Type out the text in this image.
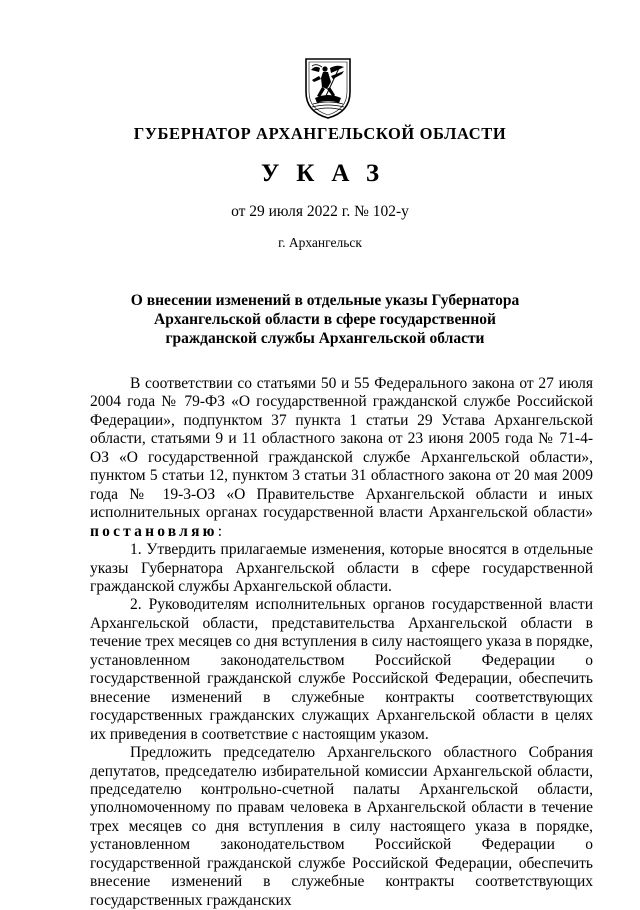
ГУБЕРНАТОР АРХАНГЕЛЬСКОЙ ОБЛАСТИ
УКАЗ
от 29 июля 2022 г. № 102-у
г. Архангельск
О внесении изменений в отдельные указы Губернатора
Архангельской области в сфере государственной
гражданской службы Архангельской области

В соответствии со статьями 50 и 55 Федерального закона от 27 июля 2004 года № 79-ФЗ «О государственной гражданской службе Российской Федерации», подпунктом 37 пункта 1 статьи 29 Устава Архангельской области, статьями 9 и 11 областного закона от 23 июня 2005 года № 71-4-ОЗ «О государственной гражданской службе Архангельской области», пунктом 5 статьи 12, пунктом 3 статьи 31 областного закона от 20 мая 2009 года № 19-3-ОЗ «О Правительстве Архангельской области и иных исполнительных органах государственной власти Архангельской области» постановляю:

1. Утвердить прилагаемые изменения, которые вносятся в отдельные указы Губернатора Архангельской области в сфере государственной гражданской службы Архангельской области.

2. Руководителям исполнительных органов государственной власти Архангельской области, представительства Архангельской области в течение трех месяцев со дня вступления в силу настоящего указа в порядке, установленном законодательством Российской Федерации о государственной гражданской службе Российской Федерации, обеспечить внесение изменений в служебные контракты соответствующих государственных гражданских служащих Архангельской области в целях их приведения в соответствие с настоящим указом.

Предложить председателю Архангельского областного Собрания депутатов, председателю избирательной комиссии Архангельской области, председателю контрольно-счетной палаты Архангельской области, уполномоченному по правам человека в Архангельской области в течение трех месяцев со дня вступления в силу настоящего указа в порядке, установленном законодательством Российской Федерации о государственной гражданской службе Российской Федерации, обеспечить внесение изменений в служебные контракты соответствующих государственных гражданских
